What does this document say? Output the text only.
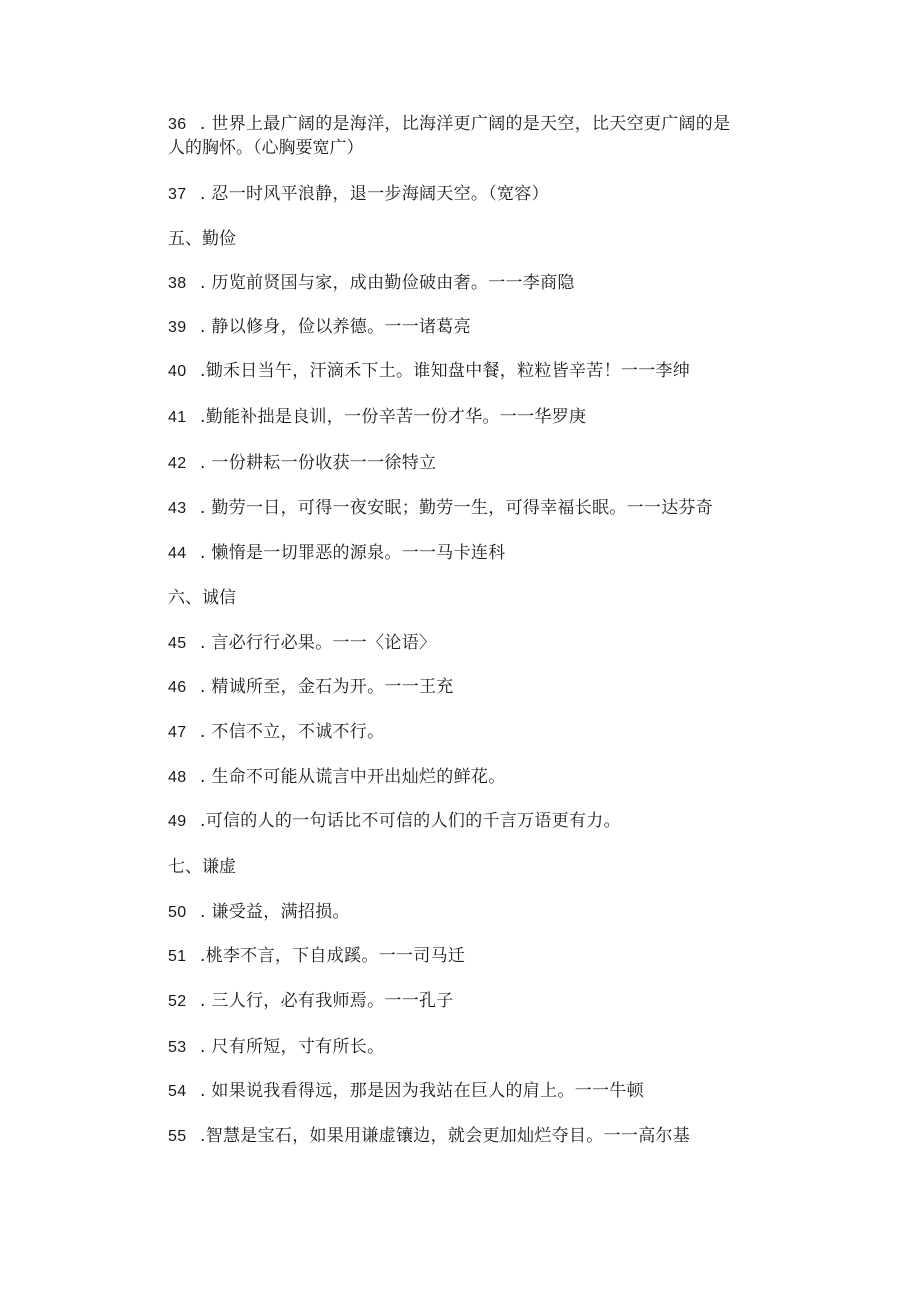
36 . 世界上最广阔的是海洋，比海洋更广阔的是天空，比天空更广阔的是
人的胸怀。（心胸要宽广）
37 . 忍一时风平浪静，退一步海阔天空。（宽容）
五、勤俭
38 . 历览前贤国与家，成由勤俭破由奢。一一李商隐
39 . 静以修身，俭以养德。一一诸葛亮
40 .锄禾日当午，汗滴禾下土。谁知盘中餐，粒粒皆辛苦！一一李绅
41 .勤能补拙是良训，一份辛苦一份才华。一一华罗庚
42 . 一份耕耘一份收获一一徐特立
43 . 勤劳一日，可得一夜安眠；勤劳一生，可得幸福长眠。一一达芬奇
44 . 懒惰是一切罪恶的源泉。一一马卡连科
六、诚信
45 . 言必行行必果。一一〈论语〉
46 . 精诚所至，金石为开。一一王充
47 . 不信不立，不诚不行。
48 . 生命不可能从谎言中开出灿烂的鲜花。
49 .可信的人的一句话比不可信的人们的千言万语更有力。
七、谦虚
50 . 谦受益，满招损。
51 .桃李不言，下自成蹊。一一司马迁
52 . 三人行，必有我师焉。一一孔子
53 . 尺有所短，寸有所长。
54 . 如果说我看得远，那是因为我站在巨人的肩上。一一牛顿
55 .智慧是宝石，如果用谦虚镶边，就会更加灿烂夺目。一一高尔基
